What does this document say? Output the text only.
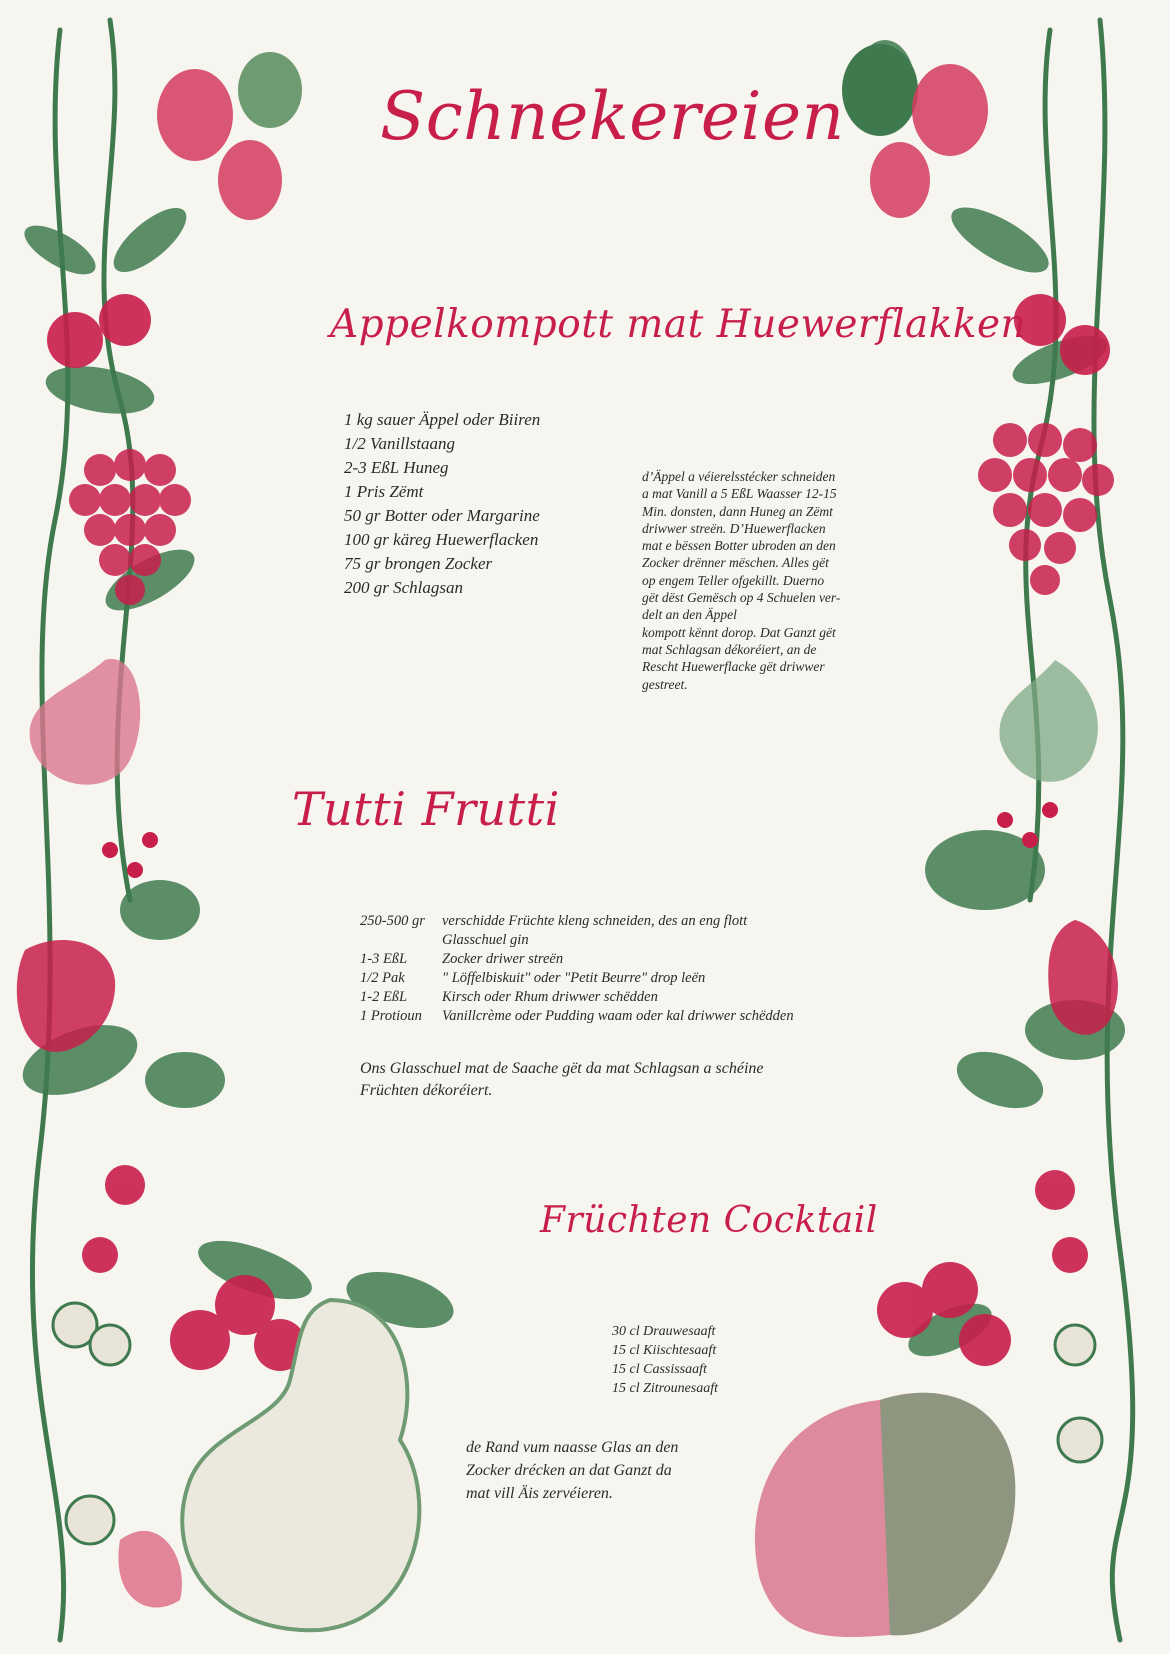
Schnekereien
Appelkompott mat Huewerflakken
1 kg sauer Äppel oder Biiren
1/2 Vanillstaang
2-3 EßL Huneg
1 Pris Zëmt
50 gr Botter oder Margarine
100 gr käreg Huewerflacken
75 gr brongen Zocker
200 gr Schlagsan
d’Äppel a véierelsstécker schneiden
a mat Vanill a 5 EßL Waasser 12-15
Min. donsten, dann Huneg an Zëmt
driwwer streën. D’Huewerflacken
mat e bëssen Botter ubroden an den
Zocker drënner mëschen. Alles gët
op engem Teller ofgekillt. Duerno
gët dëst Gemësch op 4 Schuelen ver-
delt an den Äppel
kompott kënnt dorop. Dat Ganzt gët
mat Schlagsan dékoréiert, an de
Rescht Huewerflacke gët driwwer
gestreet.
Tutti Frutti
250-500 gr	verschidde Früchte kleng schneiden, des an eng flott
Glasschuel gin
1-3 EßL	Zocker driwer streën
1/2 Pak	" Löffelbiskuit" oder "Petit Beurre" drop leën
1-2 EßL	Kirsch oder Rhum driwwer schëdden
1 Protioun	Vanillcrème oder Pudding waam oder kal driwwer schëdden
Ons Glasschuel mat de Saache gët da mat Schlagsan a schéine
Früchten dékoréiert.
Früchten Cocktail
30 cl Drauwesaaft
15 cl Kiischtesaaft
15 cl Cassissaaft
15 cl Zitrounesaaft
de Rand vum naasse Glas an den
Zocker drécken an dat Ganzt da
mat vill Äis zervéieren.
